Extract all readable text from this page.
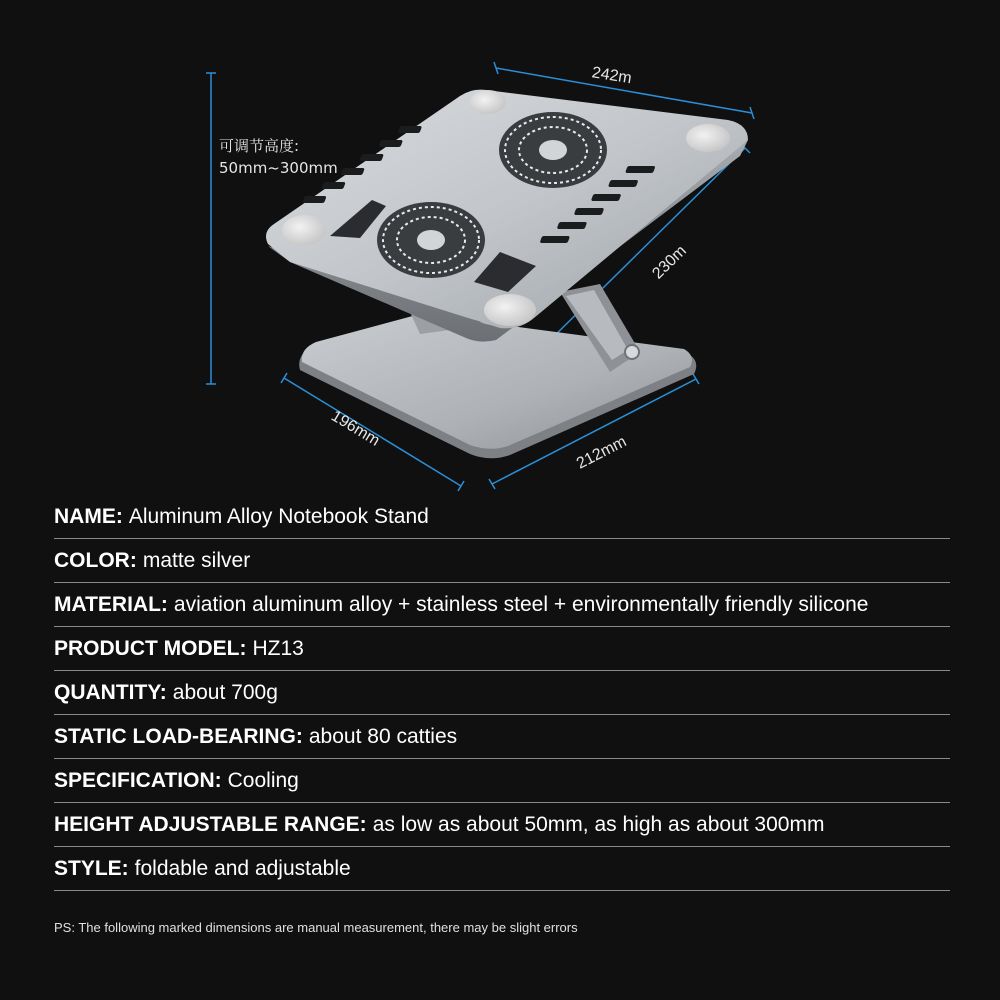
可调节高度:
50mm~300mm
242m
230m
196mm
212mm
NAME: Aluminum Alloy Notebook Stand
COLOR: matte silver
MATERIAL: aviation aluminum alloy + stainless steel + environmentally friendly silicone
PRODUCT MODEL: HZ13
QUANTITY: about 700g
STATIC LOAD-BEARING: about 80 catties
SPECIFICATION: Cooling
HEIGHT ADJUSTABLE RANGE: as low as about 50mm, as high as about 300mm
STYLE: foldable and adjustable
PS: The following marked dimensions are manual measurement, there may be slight errors
